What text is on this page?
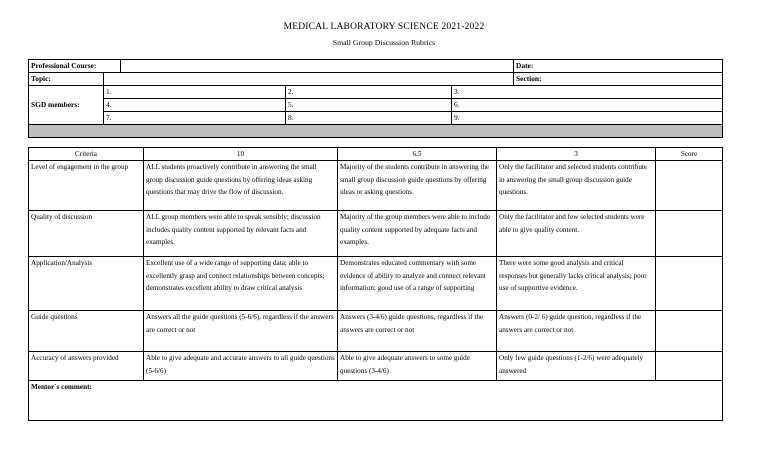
MEDICAL LABORATORY SCIENCE 2021-2022
Small Group Discussion Rubrics
Professional Course:					Date:
Topic:					Section:
SGD members:	1.		2.	3.	
	4.		5.	6.	
	7.		8.	9.	

Criteria	10	6.5	3	Score
Level of engagement in the group	ALL students proactively contribute in answering the small group discussion guide questions by offering ideas asking questions that may drive the flow of discussion.	Majority of the students contribute in answering the small group discussion guide questions by offering ideas or asking questions.	Only the facilitator and selected students contribute in answering the small group discussion guide questions.	
Quality of discussion	ALL group members were able to speak sensibly; discussion includes quality content supported by relevant facts and examples.	Majority of the group members were able to include quality content supported by adequate facts and examples.	Only the facilitator and few selected students were able to give quality content.	
Application/Analysis	Excellent use of a wide range of supporting data; able to excellently grasp and connect relationships between concepts; demonstrates excellent ability to draw critical analysis	Demonstrates educated commentary with some evidence of ability to analyze and connect relevant information; good use of a range of supporting	There were some good analysis and critical responses but generally lacks critical analysis; poor use of supportive evidence.	
Guide questions	Answers all the guide questions (5-6/6), regardless if the answers are correct or not	Answers (3-4/6) guide questions, regardless if the answers are correct or not	Answers (0-2/ 6) guide question, regardless if the answers are correct or not	
Accuracy of answers provided	Able to give adequate and accurate answers to all guide questions (5-6/6)	Able to give adequate answers to some guide questions (3-4/6)	Only few guide questions (1-2/6) were adequately answered	
Mentor`s comment:				
